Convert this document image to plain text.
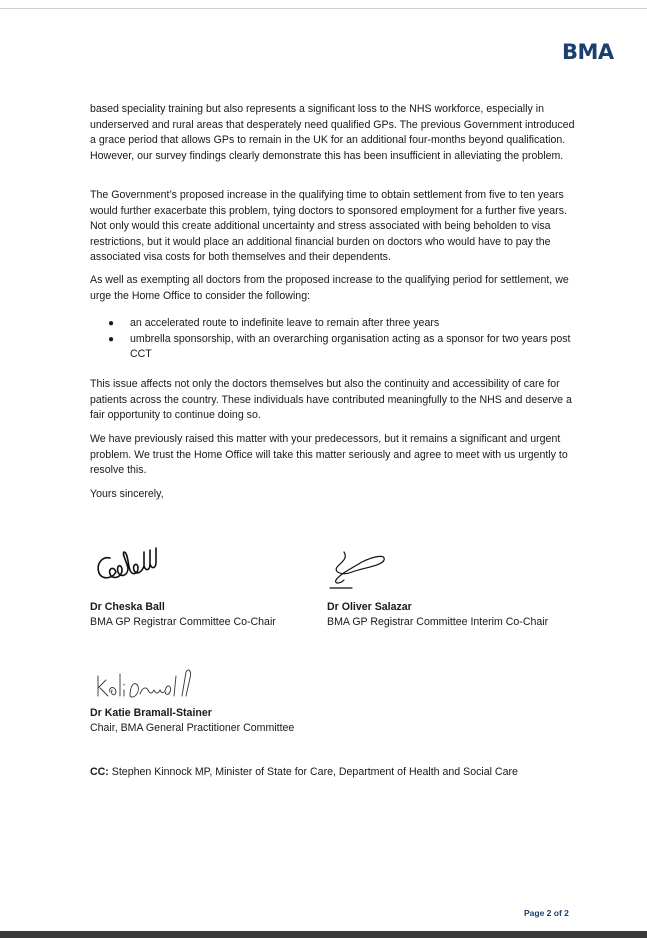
BMA

based speciality training but also represents a significant loss to the NHS workforce, especially in underserved and rural areas that desperately need qualified GPs. The previous Government introduced a grace period that allows GPs to remain in the UK for an additional four-months beyond qualification. However, our survey findings clearly demonstrate this has been insufficient in alleviating the problem.

The Government’s proposed increase in the qualifying time to obtain settlement from five to ten years would further exacerbate this problem, tying doctors to sponsored employment for a further five years. Not only would this create additional uncertainty and stress associated with being beholden to visa restrictions, but it would place an additional financial burden on doctors who would have to pay the associated visa costs for both themselves and their dependents.

As well as exempting all doctors from the proposed increase to the qualifying period for settlement, we urge the Home Office to consider the following:

● an accelerated route to indefinite leave to remain after three years
● umbrella sponsorship, with an overarching organisation acting as a sponsor for two years post CCT

This issue affects not only the doctors themselves but also the continuity and accessibility of care for patients across the country. These individuals have contributed meaningfully to the NHS and deserve a fair opportunity to continue doing so.

We have previously raised this matter with your predecessors, but it remains a significant and urgent problem. We trust the Home Office will take this matter seriously and agree to meet with us urgently to resolve this.

Yours sincerely,

Dr Cheska Ball
BMA GP Registrar Committee Co-Chair
Dr Oliver Salazar
BMA GP Registrar Committee Interim Co-Chair
Dr Katie Bramall-Stainer
Chair, BMA General Practitioner Committee
CC: Stephen Kinnock MP, Minister of State for Care, Department of Health and Social Care
Page 2 of 2
